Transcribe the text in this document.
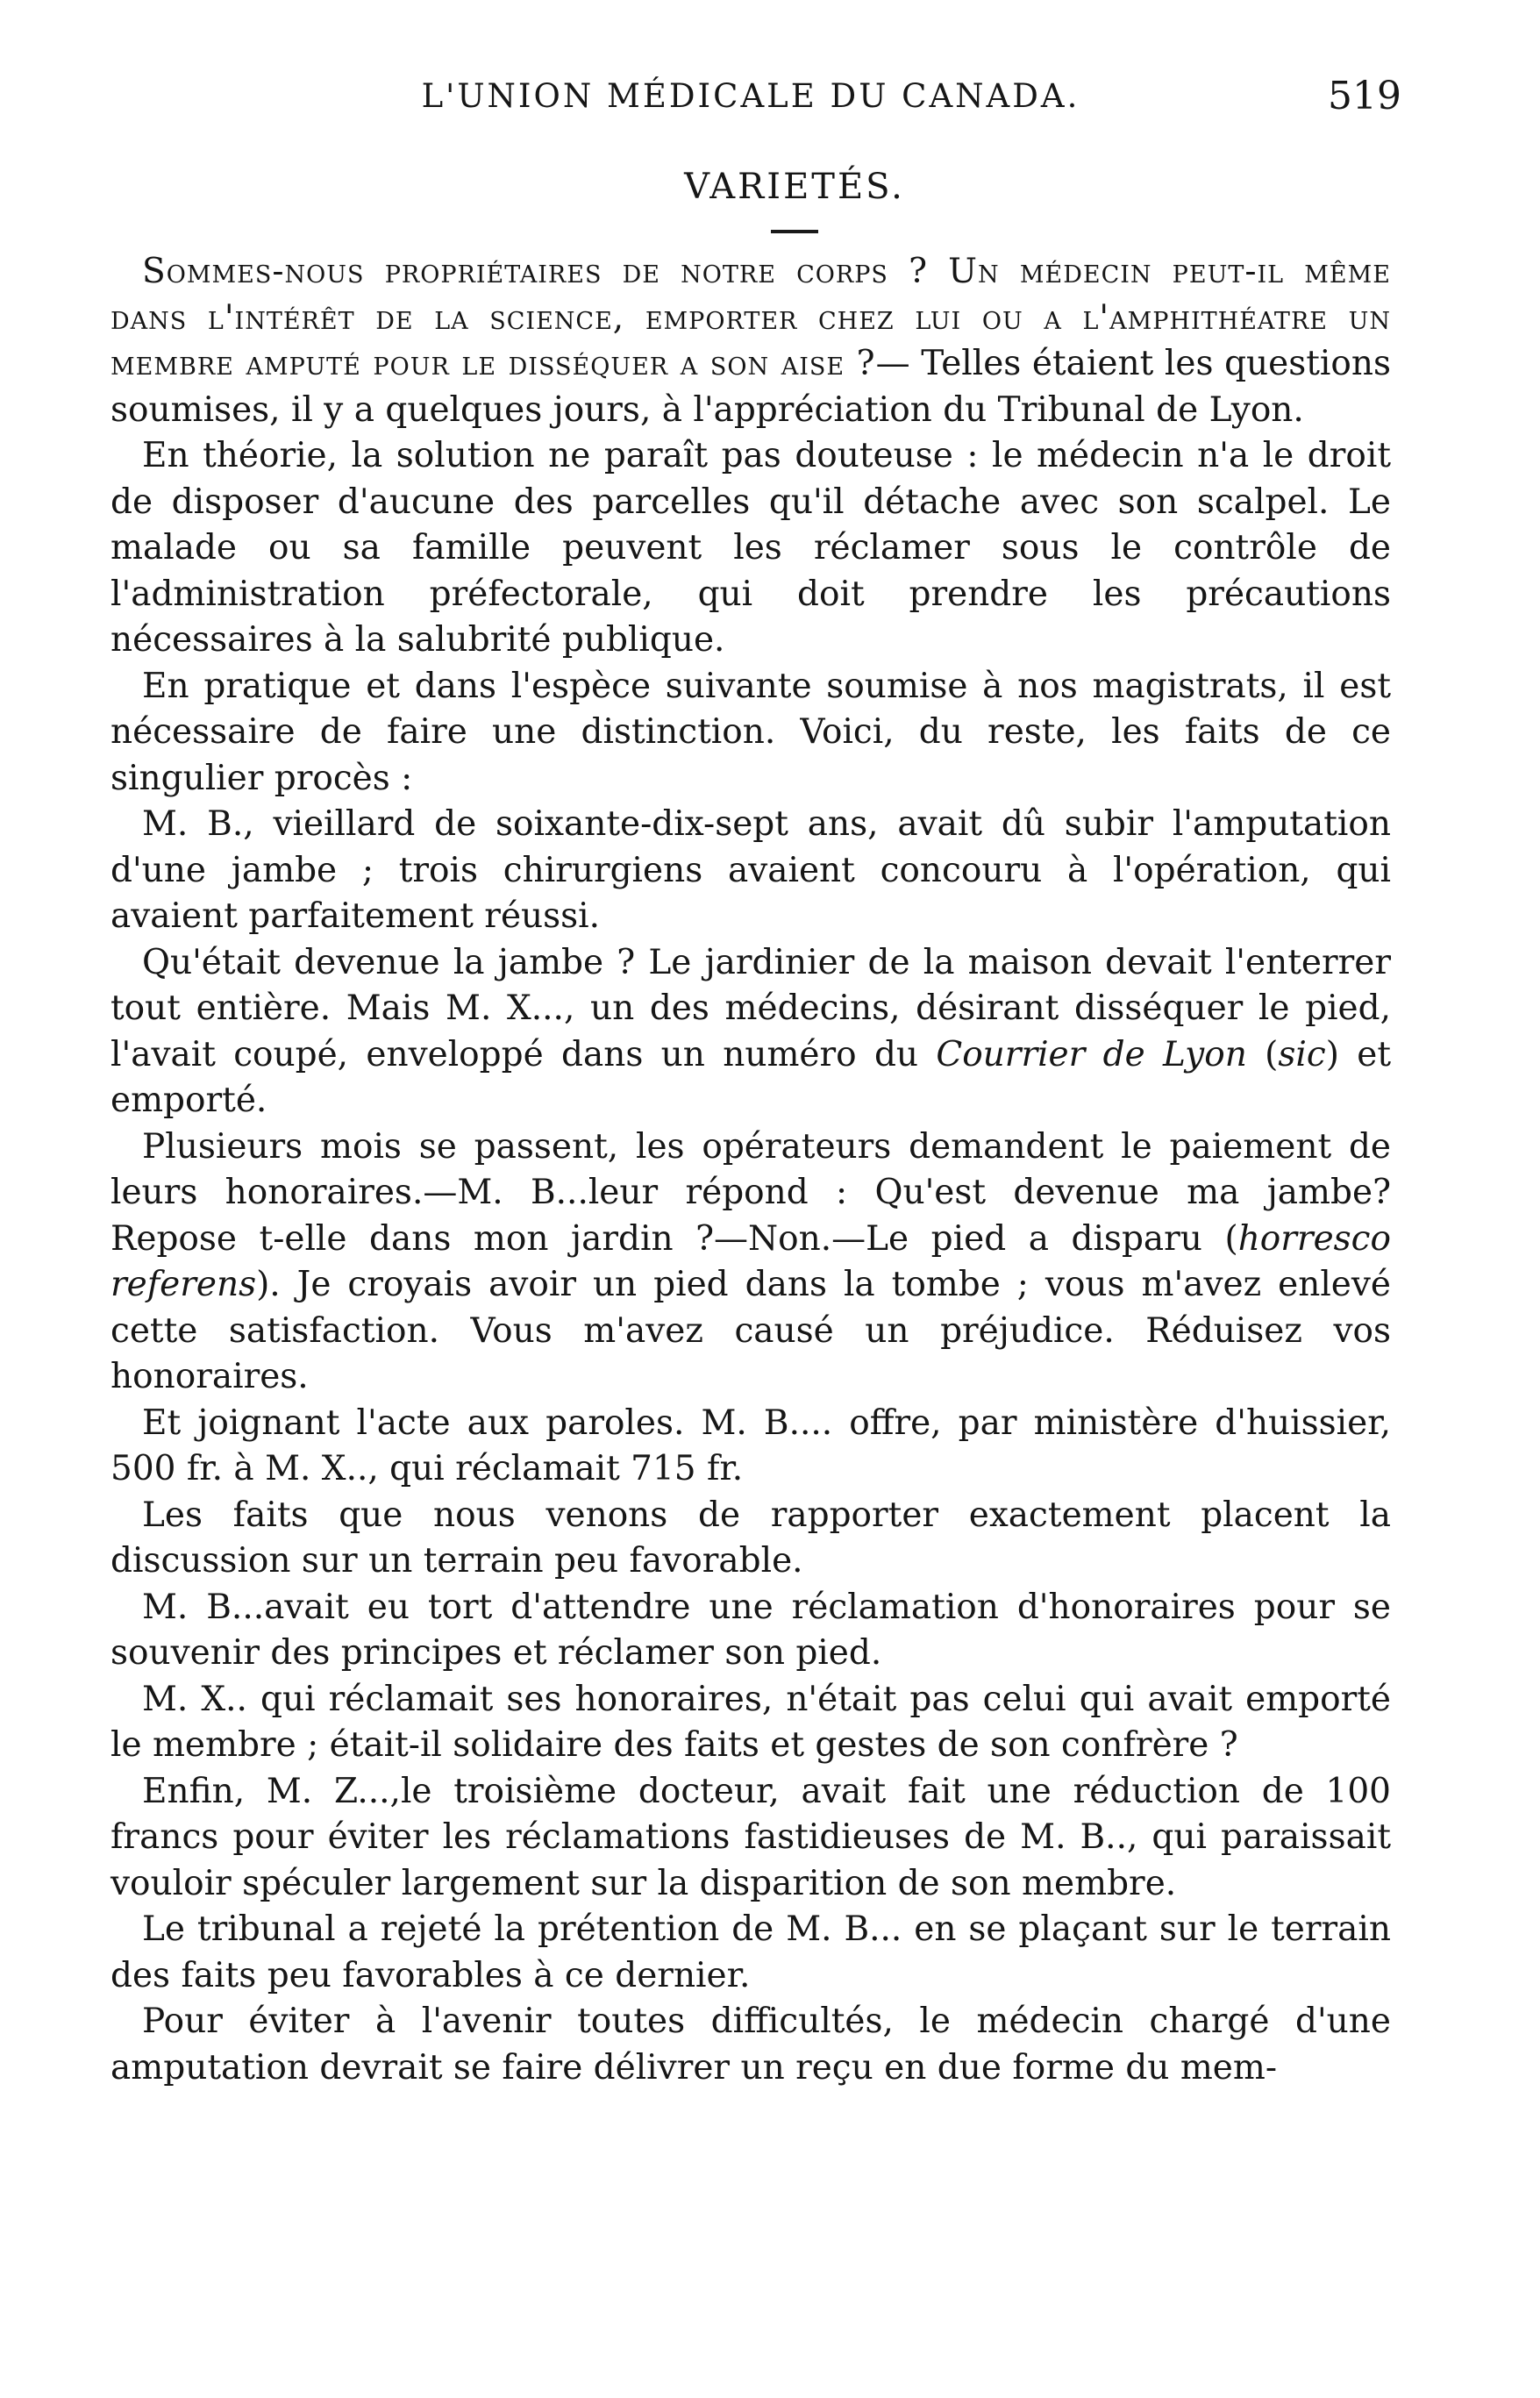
L'UNION MÉDICALE DU CANADA.	519
VARIETÉS.

Sommes-nous propriétaires de notre corps ? Un médecin peut-il même dans l'intérêt de la science, emporter chez lui ou a l'amphithéatre un membre amputé pour le disséquer a son aise ?— Telles étaient les questions soumises, il y a quelques jours, à l'appréciation du Tribunal de Lyon.

En théorie, la solution ne paraît pas douteuse : le médecin n'a le droit de disposer d'aucune des parcelles qu'il détache avec son scalpel. Le malade ou sa famille peuvent les réclamer sous le contrôle de l'administration préfectorale, qui doit prendre les précautions nécessaires à la salubrité publique.

En pratique et dans l'espèce suivante soumise à nos magistrats, il est nécessaire de faire une distinction. Voici, du reste, les faits de ce singulier procès :

M. B., vieillard de soixante-dix-sept ans, avait dû subir l'amputation d'une jambe ; trois chirurgiens avaient concouru à l'opération, qui avaient parfaitement réussi.

Qu'était devenue la jambe ? Le jardinier de la maison devait l'enterrer tout entière. Mais M. X..., un des médecins, désirant disséquer le pied, l'avait coupé, enveloppé dans un numéro du Courrier de Lyon (sic) et emporté.

Plusieurs mois se passent, les opérateurs demandent le paiement de leurs honoraires.—M. B...leur répond : Qu'est devenue ma jambe? Repose t-elle dans mon jardin ?—Non.—Le pied a disparu (horresco referens). Je croyais avoir un pied dans la tombe ; vous m'avez enlevé cette satisfaction. Vous m'avez causé un préjudice. Réduisez vos honoraires.

Et joignant l'acte aux paroles. M. B.... offre, par ministère d'huissier, 500 fr. à M. X.., qui réclamait 715 fr.

Les faits que nous venons de rapporter exactement placent la discussion sur un terrain peu favorable.

M. B...avait eu tort d'attendre une réclamation d'honoraires pour se souvenir des principes et réclamer son pied.

M. X.. qui réclamait ses honoraires, n'était pas celui qui avait emporté le membre ; était-il solidaire des faits et gestes de son confrère ?

Enfin, M. Z...,le troisième docteur, avait fait une réduction de 100 francs pour éviter les réclamations fastidieuses de M. B.., qui paraissait vouloir spéculer largement sur la disparition de son membre.

Le tribunal a rejeté la prétention de M. B... en se plaçant sur le terrain des faits peu favorables à ce dernier.

Pour éviter à l'avenir toutes difficultés, le médecin chargé d'une amputation devrait se faire délivrer un reçu en due forme du mem-
